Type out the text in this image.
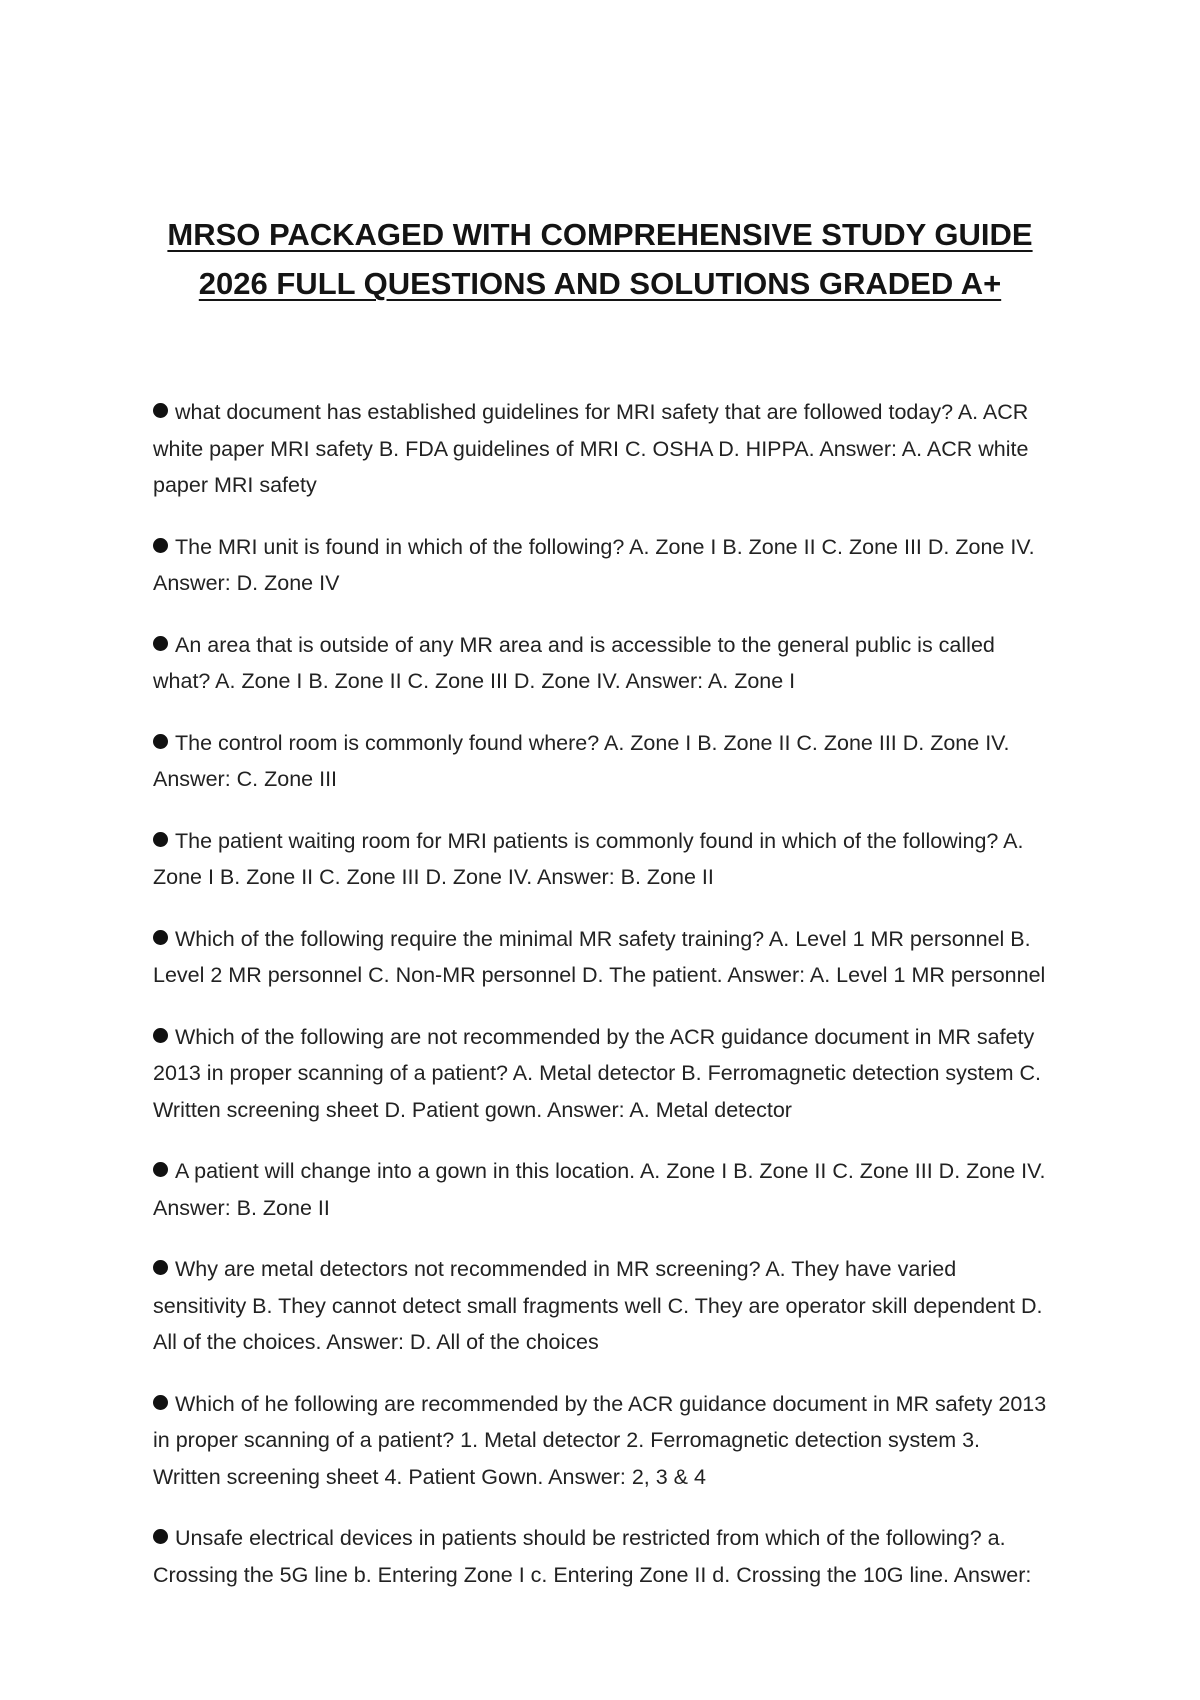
MRSO PACKAGED WITH COMPREHENSIVE STUDY GUIDE
2026 FULL QUESTIONS AND SOLUTIONS GRADED A+
what document has established guidelines for MRI safety that are followed today? A. ACR white paper MRI safety B. FDA guidelines of MRI C. OSHA D. HIPPA. Answer: A. ACR white paper MRI safety
The MRI unit is found in which of the following? A. Zone I B. Zone II C. Zone III D. Zone IV. Answer: D. Zone IV
An area that is outside of any MR area and is accessible to the general public is called what? A. Zone I B. Zone II C. Zone III D. Zone IV. Answer: A. Zone I
The control room is commonly found where? A. Zone I B. Zone II C. Zone III D. Zone IV. Answer: C. Zone III
The patient waiting room for MRI patients is commonly found in which of the following? A. Zone I B. Zone II C. Zone III D. Zone IV. Answer: B. Zone II
Which of the following require the minimal MR safety training? A. Level 1 MR personnel B. Level 2 MR personnel C. Non-MR personnel D. The patient. Answer: A. Level 1 MR personnel
Which of the following are not recommended by the ACR guidance document in MR safety 2013 in proper scanning of a patient? A. Metal detector B. Ferromagnetic detection system C. Written screening sheet D. Patient gown. Answer: A. Metal detector
A patient will change into a gown in this location. A. Zone I B. Zone II C. Zone III D. Zone IV. Answer: B. Zone II
Why are metal detectors not recommended in MR screening? A. They have varied sensitivity B. They cannot detect small fragments well C. They are operator skill dependent D. All of the choices. Answer: D. All of the choices
Which of he following are recommended by the ACR guidance document in MR safety 2013 in proper scanning of a patient? 1. Metal detector 2. Ferromagnetic detection system 3. Written screening sheet 4. Patient Gown. Answer: 2, 3 & 4
Unsafe electrical devices in patients should be restricted from which of the following? a. Crossing the 5G line b. Entering Zone I c. Entering Zone II d. Crossing the 10G line. Answer:
